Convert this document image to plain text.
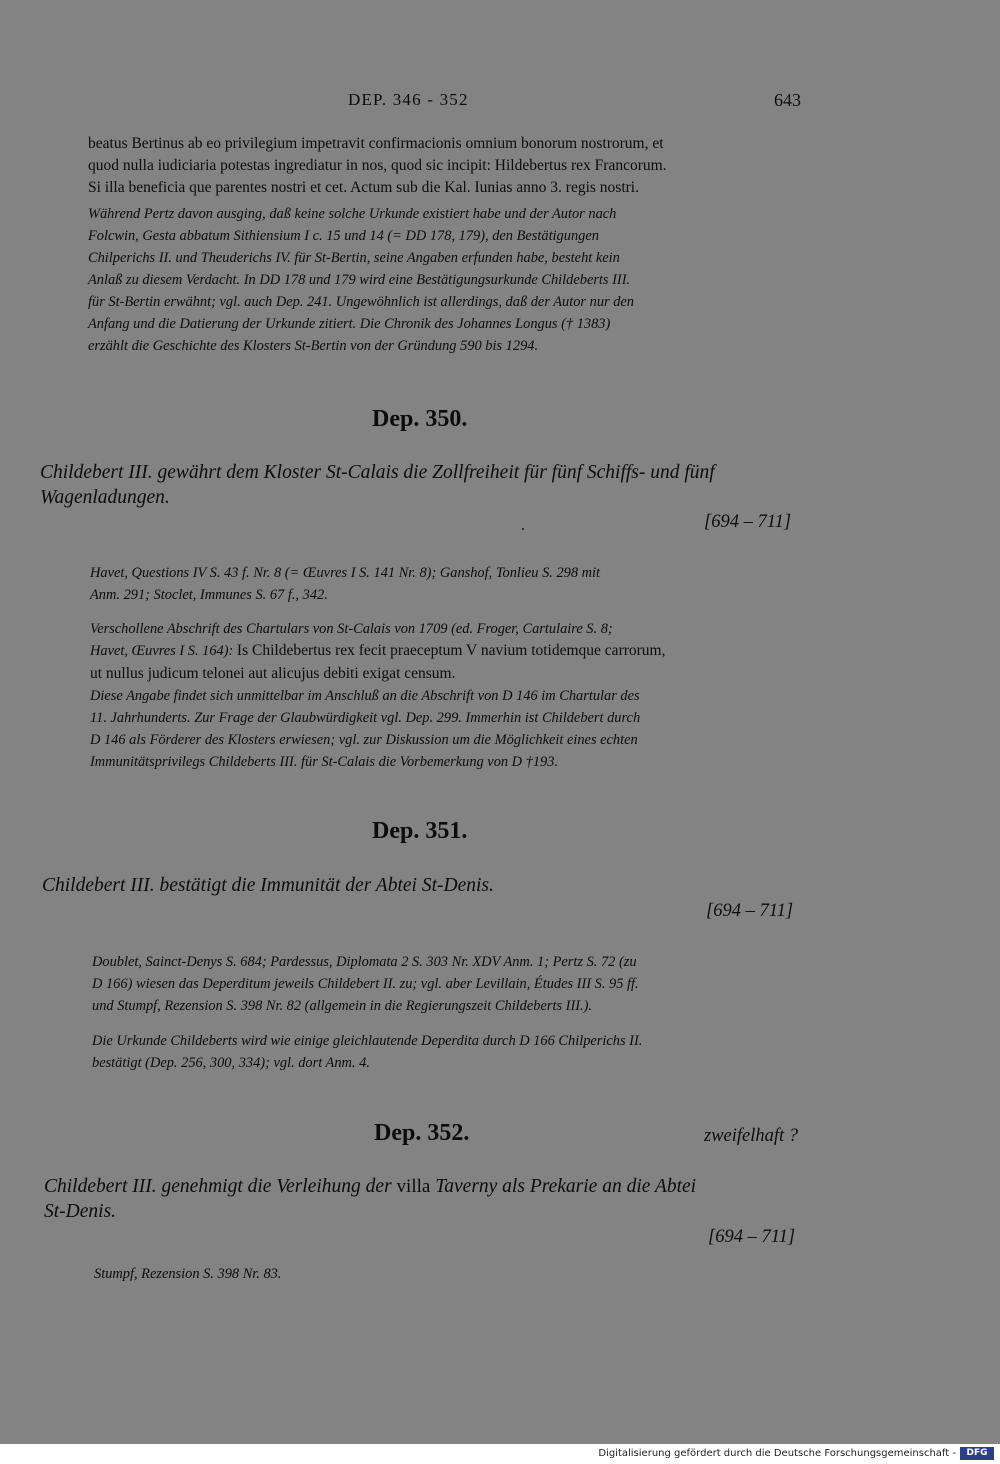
DEP. 346 - 352	643
beatus Bertinus ab eo privilegium impetravit confirmacionis omnium bonorum nostrorum, et
quod nulla iudiciaria potestas ingrediatur in nos, quod sic incipit: Hildebertus rex Francorum.
Si illa beneficia que parentes nostri et cet. Actum sub die Kal. Iunias anno 3. regis nostri.
Während Pertz davon ausging, daß keine solche Urkunde existiert habe und der Autor nach
Folcwin, Gesta abbatum Sithiensium I c. 15 und 14 (= DD 178, 179), den Bestätigungen
Chilperichs II. und Theuderichs IV. für St-Bertin, seine Angaben erfunden habe, besteht kein
Anlaß zu diesem Verdacht. In DD 178 und 179 wird eine Bestätigungsurkunde Childeberts III.
für St-Bertin erwähnt; vgl. auch Dep. 241. Ungewöhnlich ist allerdings, daß der Autor nur den
Anfang und die Datierung der Urkunde zitiert. Die Chronik des Johannes Longus († 1383)
erzählt die Geschichte des Klosters St-Bertin von der Gründung 590 bis 1294.
Dep. 350.
Childebert III. gewährt dem Kloster St-Calais die Zollfreiheit für fünf Schiffs- und fünf
Wagenladungen.
[694 – 711]
Havet, Questions IV S. 43 f. Nr. 8 (= Œuvres I S. 141 Nr. 8); Ganshof, Tonlieu S. 298 mit
Anm. 291; Stoclet, Immunes S. 67 f., 342.
Verschollene Abschrift des Chartulars von St-Calais von 1709 (ed. Froger, Cartulaire S. 8;
Havet, Œuvres I S. 164): Is Childebertus rex fecit praeceptum V navium totidemque carrorum,
ut nullus judicum telonei aut alicujus debiti exigat censum.
Diese Angabe findet sich unmittelbar im Anschluß an die Abschrift von D 146 im Chartular des
11. Jahrhunderts. Zur Frage der Glaubwürdigkeit vgl. Dep. 299. Immerhin ist Childebert durch
D 146 als Förderer des Klosters erwiesen; vgl. zur Diskussion um die Möglichkeit eines echten
Immunitätsprivilegs Childeberts III. für St-Calais die Vorbemerkung von D †193.
Dep. 351.
Childebert III. bestätigt die Immunität der Abtei St-Denis.
[694 – 711]
Doublet, Sainct-Denys S. 684; Pardessus, Diplomata 2 S. 303 Nr. XDV Anm. 1; Pertz S. 72 (zu
D 166) wiesen das Deperditum jeweils Childebert II. zu; vgl. aber Levillain, Études III S. 95 ff.
und Stumpf, Rezension S. 398 Nr. 82 (allgemein in die Regierungszeit Childeberts III.).
Die Urkunde Childeberts wird wie einige gleichlautende Deperdita durch D 166 Chilperichs II.
bestätigt (Dep. 256, 300, 334); vgl. dort Anm. 4.
Dep. 352.	zweifelhaft ?
Childebert III. genehmigt die Verleihung der villa Taverny als Prekarie an die Abtei
St-Denis.
[694 – 711]
Stumpf, Rezension S. 398 Nr. 83.
Digitalisierung gefördert durch die Deutsche Forschungsgemeinschaft -	DFG
